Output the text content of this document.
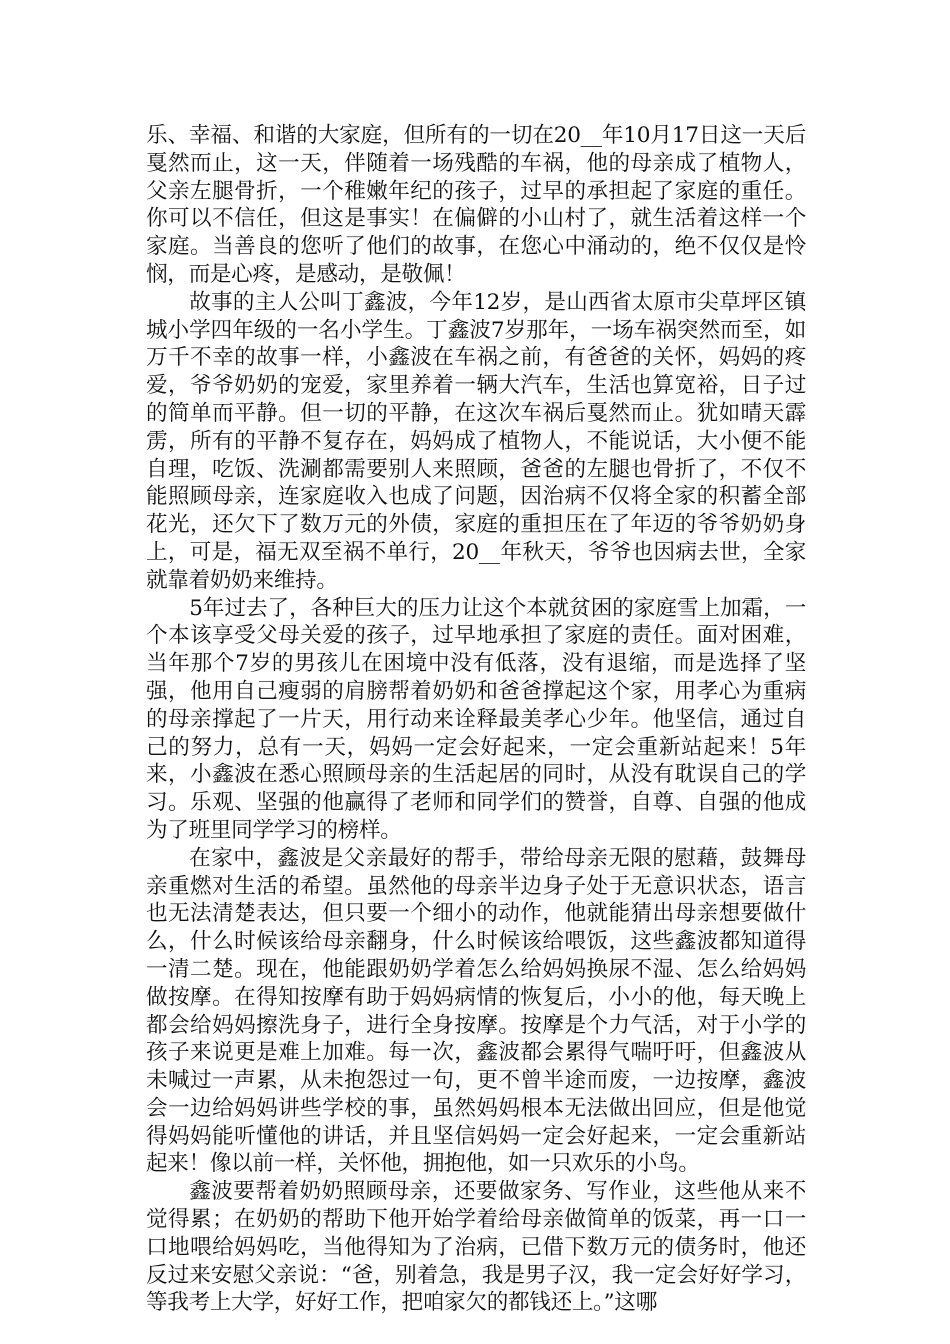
乐、幸福、和谐的大家庭，但所有的一切在20__年10月17日这一天后戛然而止，这一天，伴随着一场残酷的车祸，他的母亲成了植物人，父亲左腿骨折，一个稚嫩年纪的孩子，过早的承担起了家庭的重任。你可以不信任，但这是事实！在偏僻的小山村了，就生活着这样一个家庭。当善良的您听了他们的故事，在您心中涌动的，绝不仅仅是怜悯，而是心疼，是感动，是敬佩！

故事的主人公叫丁鑫波，今年12岁，是山西省太原市尖草坪区镇城小学四年级的一名小学生。丁鑫波7岁那年，一场车祸突然而至，如万千不幸的故事一样，小鑫波在车祸之前，有爸爸的关怀，妈妈的疼爱，爷爷奶奶的宠爱，家里养着一辆大汽车，生活也算宽裕，日子过的简单而平静。但一切的平静，在这次车祸后戛然而止。犹如晴天霹雳，所有的平静不复存在，妈妈成了植物人，不能说话，大小便不能自理，吃饭、洗涮都需要别人来照顾，爸爸的左腿也骨折了，不仅不能照顾母亲，连家庭收入也成了问题，因治病不仅将全家的积蓄全部花光，还欠下了数万元的外债，家庭的重担压在了年迈的爷爷奶奶身上，可是，福无双至祸不单行，20__年秋天，爷爷也因病去世，全家就靠着奶奶来维持。

5年过去了，各种巨大的压力让这个本就贫困的家庭雪上加霜，一个本该享受父母关爱的孩子，过早地承担了家庭的责任。面对困难，当年那个7岁的男孩儿在困境中没有低落，没有退缩，而是选择了坚强，他用自己瘦弱的肩膀帮着奶奶和爸爸撑起这个家，用孝心为重病的母亲撑起了一片天，用行动来诠释最美孝心少年。他坚信，通过自己的努力，总有一天，妈妈一定会好起来，一定会重新站起来！5年来，小鑫波在悉心照顾母亲的生活起居的同时，从没有耽误自己的学习。乐观、坚强的他赢得了老师和同学们的赞誉，自尊、自强的他成为了班里同学学习的榜样。

在家中，鑫波是父亲最好的帮手，带给母亲无限的慰藉，鼓舞母亲重燃对生活的希望。虽然他的母亲半边身子处于无意识状态，语言也无法清楚表达，但只要一个细小的动作，他就能猜出母亲想要做什么，什么时候该给母亲翻身，什么时候该给喂饭，这些鑫波都知道得一清二楚。现在，他能跟奶奶学着怎么给妈妈换尿不湿、怎么给妈妈做按摩。在得知按摩有助于妈妈病情的恢复后，小小的他，每天晚上都会给妈妈擦洗身子，进行全身按摩。按摩是个力气活，对于小学的孩子来说更是难上加难。每一次，鑫波都会累得气喘吁吁，但鑫波从未喊过一声累，从未抱怨过一句，更不曾半途而废，一边按摩，鑫波会一边给妈妈讲些学校的事，虽然妈妈根本无法做出回应，但是他觉得妈妈能听懂他的讲话，并且坚信妈妈一定会好起来，一定会重新站起来！像以前一样，关怀他，拥抱他，如一只欢乐的小鸟。

鑫波要帮着奶奶照顾母亲，还要做家务、写作业，这些他从来不觉得累；在奶奶的帮助下他开始学着给母亲做简单的饭菜，再一口一口地喂给妈妈吃，当他得知为了治病，已借下数万元的债务时，他还反过来安慰父亲说：“爸，别着急，我是男子汉，我一定会好好学习，等我考上大学，好好工作，把咱家欠的都钱还上。”这哪
